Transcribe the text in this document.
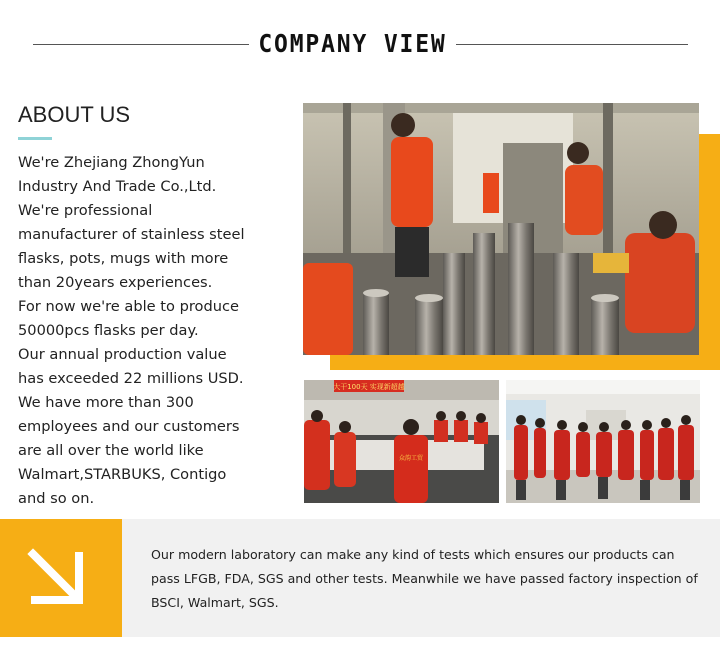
COMPANY VIEW
ABOUT US
We're Zhejiang ZhongYun
Industry And Trade Co.,Ltd.
We're professional
manufacturer of stainless steel
flasks, pots, mugs with more
than 20years experiences.
For now we're able to produce
50000pcs flasks per day.
Our annual production value
has exceeded 22 millions USD.
We have more than 300
employees and our customers
are all over the world like
Walmart,STARBUKS, Contigo
and so on.
大干100天 实现新超越
众韵工贸
Our modern laboratory can make any kind of tests which ensures our products can
pass LFGB, FDA, SGS and other tests. Meanwhile we have passed factory inspection of
BSCI, Walmart, SGS.
